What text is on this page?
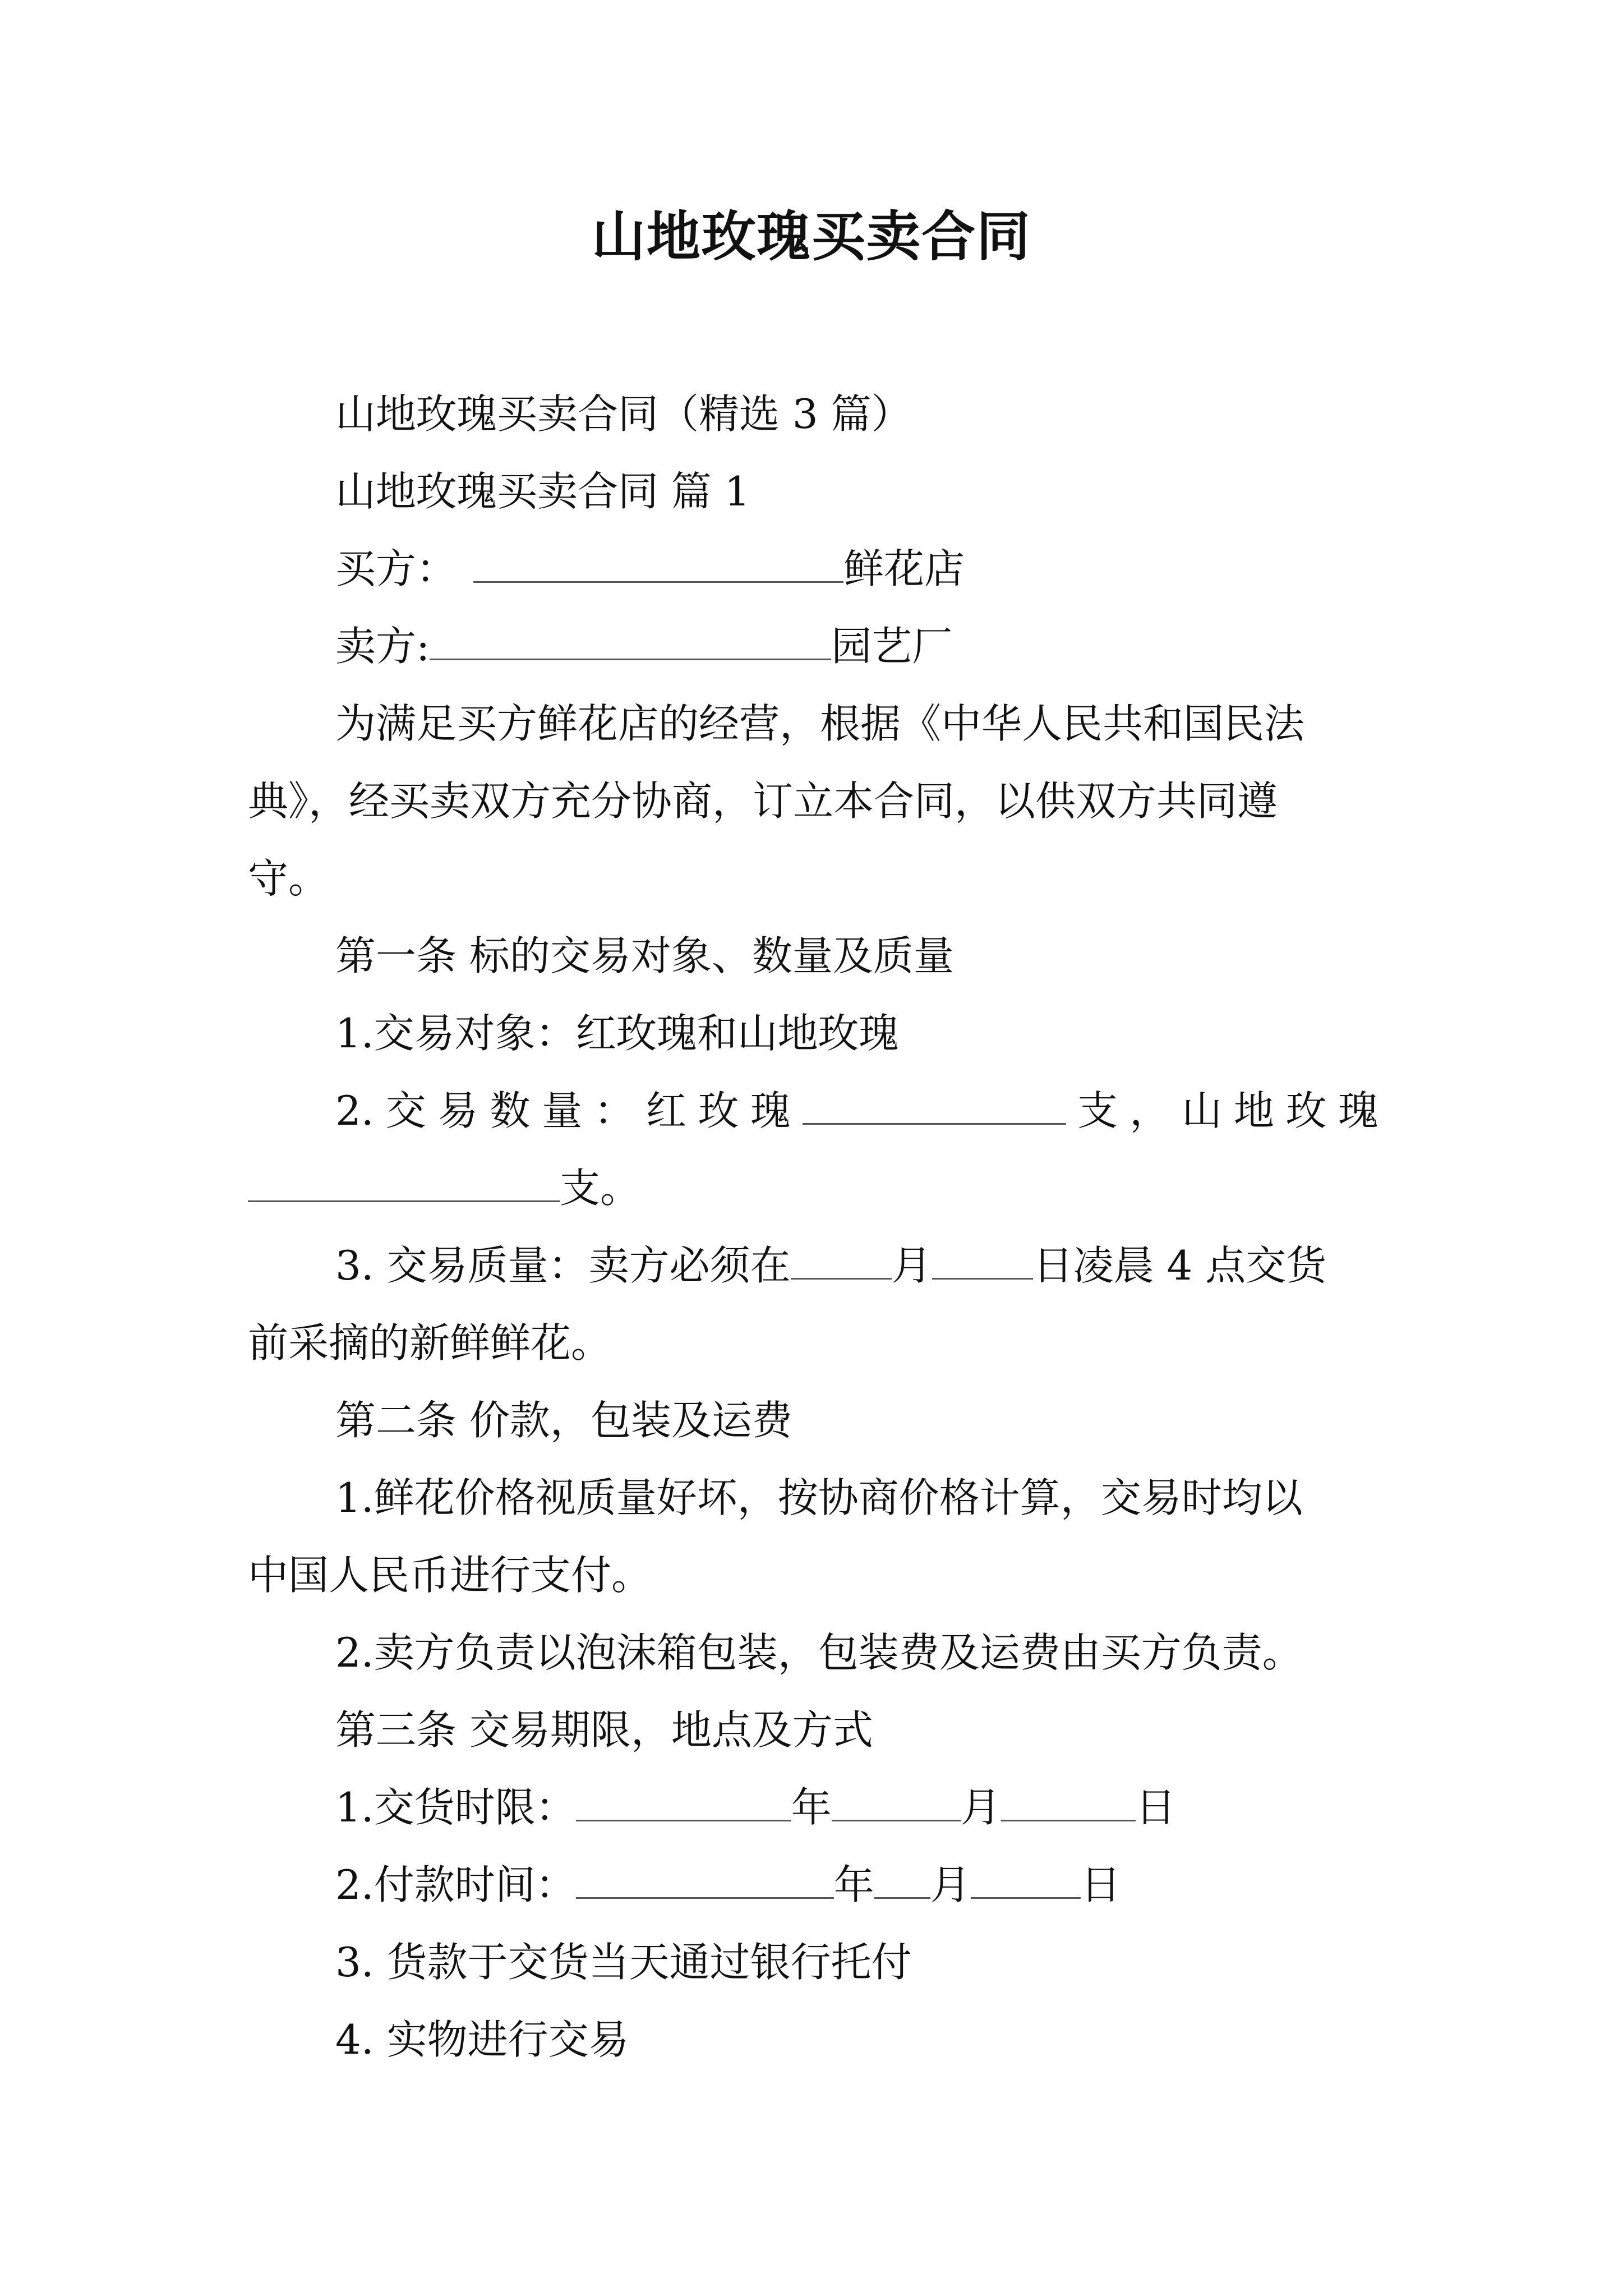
山地玫瑰买卖合同
山地玫瑰买卖合同（精选 3 篇）
山地玫瑰买卖合同 篇 1
买方：	鲜花店
卖方:	园艺厂
为满足买方鲜花店的经营，根据《中华人民共和国民法
典》，经买卖双方充分协商，订立本合同，以供双方共同遵
守。
第一条 标的交易对象、数量及质量
1.交易对象：红玫瑰和山地玫瑰
2. 交 易 数 量 ： 红 玫 瑰	支 ， 山 地 玫 瑰
支。
3. 交易质量：卖方必须在	月	日凌晨 4 点交货
前采摘的新鲜鲜花。
第二条 价款，包装及运费
1.鲜花价格视质量好坏，按协商价格计算，交易时均以
中国人民币进行支付。
2.卖方负责以泡沫箱包装，包装费及运费由买方负责。
第三条 交易期限，地点及方式
1.交货时限：	年	月	日
2.付款时间：	年 月	日
3. 货款于交货当天通过银行托付
4. 实物进行交易
